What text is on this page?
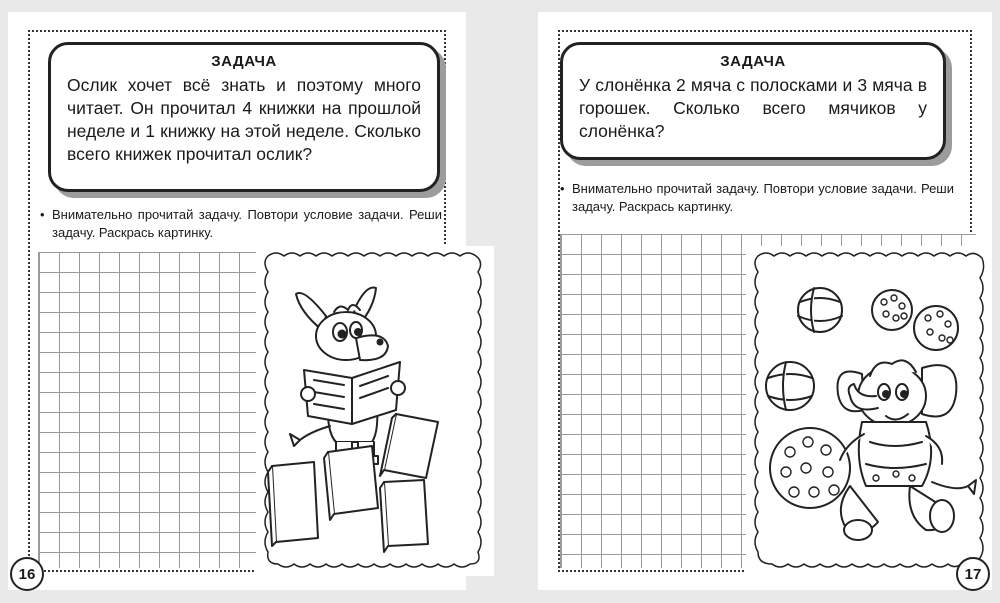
ЗАДАЧА
Ослик хочет всё знать и поэтому много читает. Он прочитал 4 книжки на прошлой неделе и 1 книжку на этой неделе. Сколько всего книжек прочитал ослик?
• Внимательно прочитай задачу. Повтори условие задачи. Реши задачу. Раскрась картинку.
ЗАДАЧА
У слонёнка 2 мяча с полосками и 3 мяча в горошек. Сколько всего мячиков у слонёнка?
• Внимательно прочитай задачу. Повтори условие задачи. Реши задачу. Раскрась картинку.
16	17
